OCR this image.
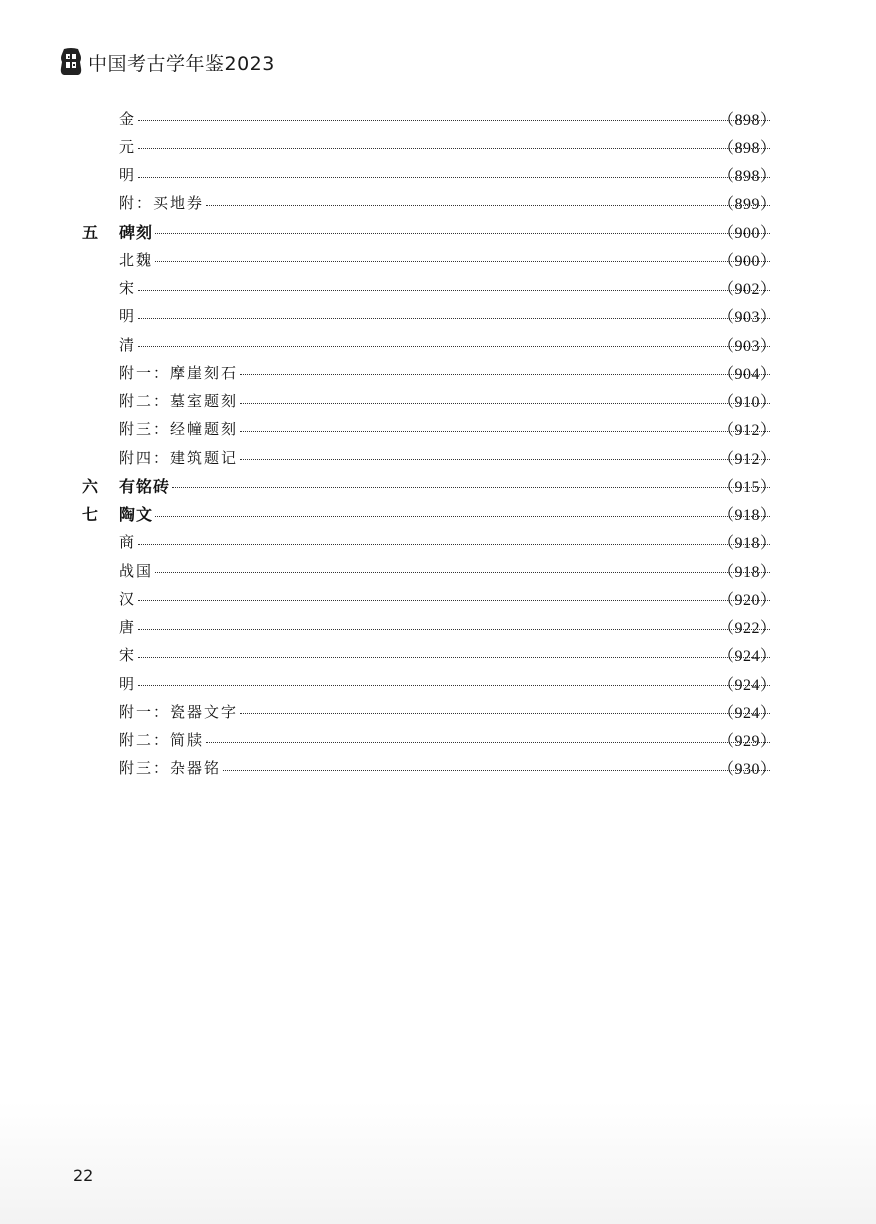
中国考古学年鉴2023
金	（898）
元	（898）
明	（898）
附：买地券	（899）
五 碑刻	（900）
北魏	（900）
宋	（902）
明	（903）
清	（903）
附一：摩崖刻石	（904）
附二：墓室题刻	（910）
附三：经幢题刻	（912）
附四：建筑题记	（912）
六 有铭砖	（915）
七 陶文	（918）
商	（918）
战国	（918）
汉	（920）
唐	（922）
宋	（924）
明	（924）
附一：瓷器文字	（924）
附二：简牍	（929）
附三：杂器铭	（930）
22
